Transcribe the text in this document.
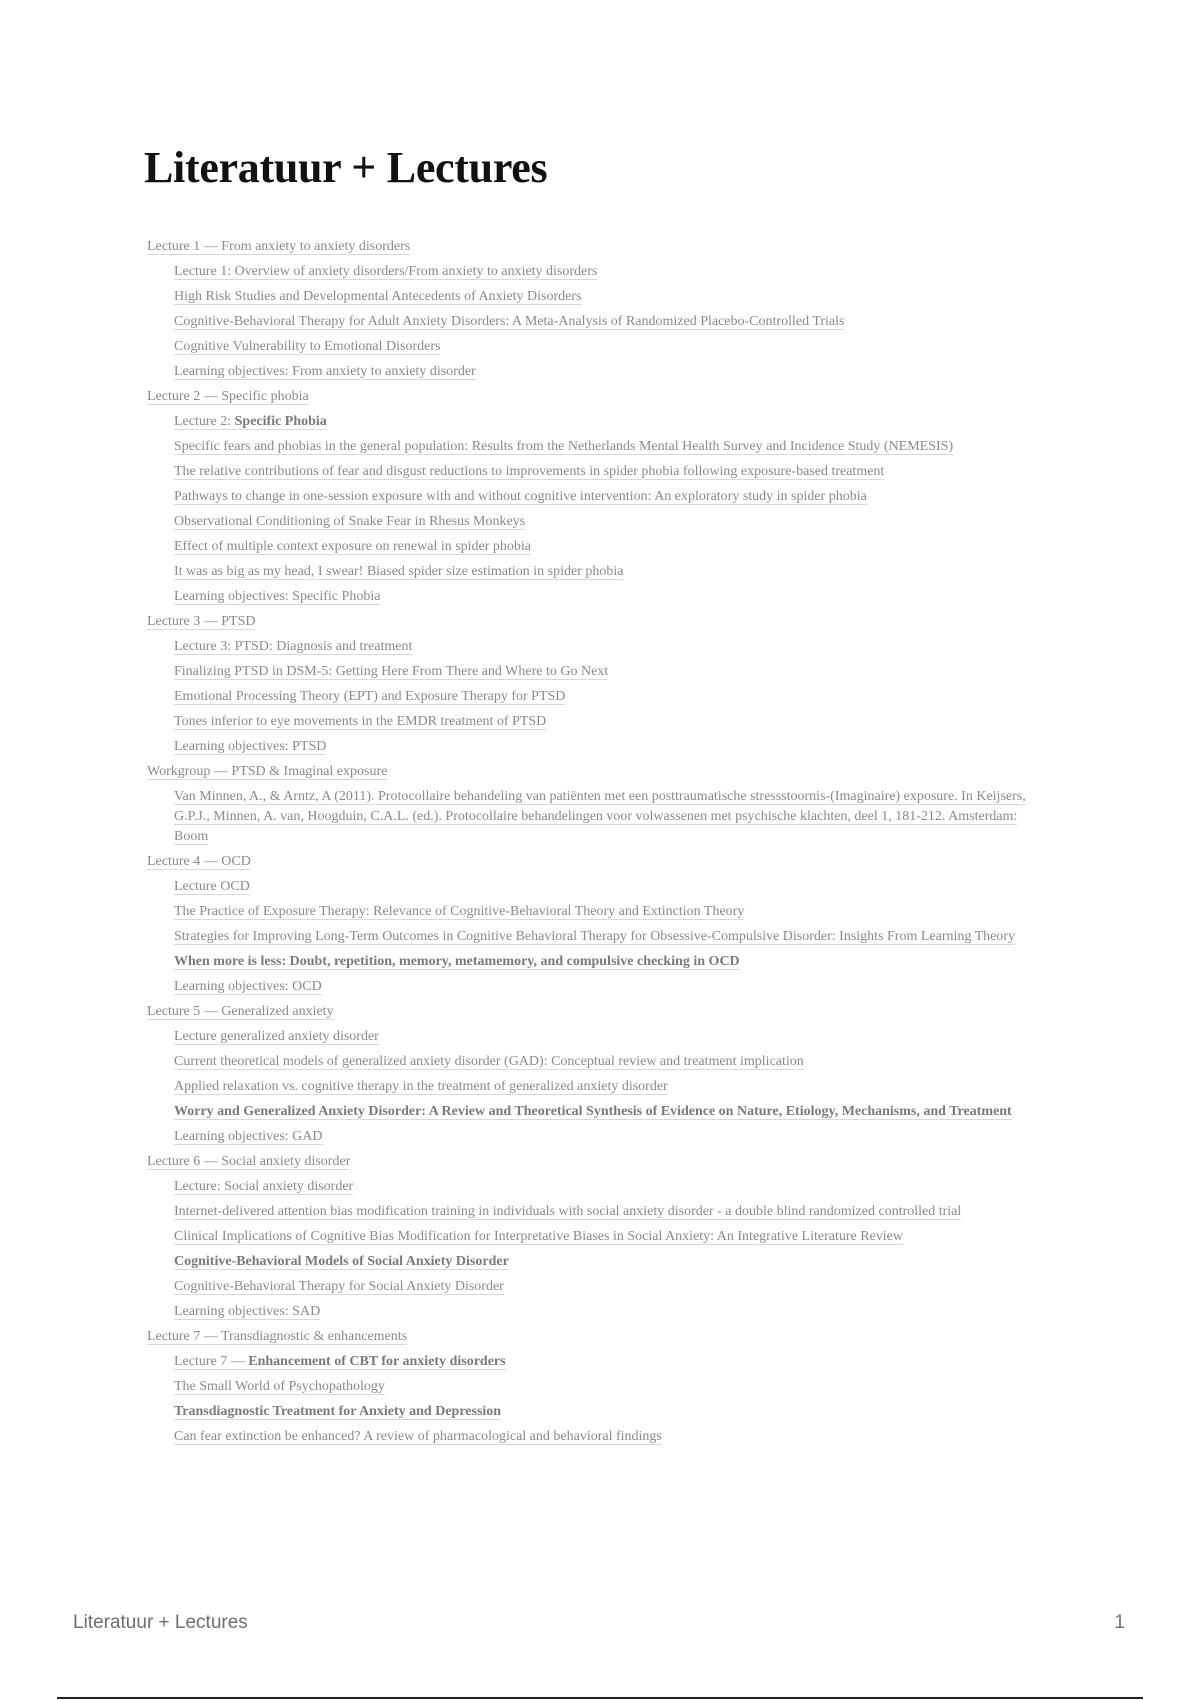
Literatuur + Lectures
Lecture 1 — From anxiety to anxiety disorders
Lecture 1: Overview of anxiety disorders/From anxiety to anxiety disorders
High Risk Studies and Developmental Antecedents of Anxiety Disorders
Cognitive-Behavioral Therapy for Adult Anxiety Disorders: A Meta-Analysis of Randomized Placebo-Controlled Trials
Cognitive Vulnerability to Emotional Disorders
Learning objectives: From anxiety to anxiety disorder
Lecture 2 — Specific phobia
Lecture 2: Specific Phobia
Specific fears and phobias in the general population: Results from the Netherlands Mental Health Survey and Incidence Study (NEMESIS)
The relative contributions of fear and disgust reductions to improvements in spider phobia following exposure-based treatment
Pathways to change in one-session exposure with and without cognitive intervention: An exploratory study in spider phobia
Observational Conditioning of Snake Fear in Rhesus Monkeys
Effect of multiple context exposure on renewal in spider phobia
It was as big as my head, I swear! Biased spider size estimation in spider phobia
Learning objectives: Specific Phobia
Lecture 3 — PTSD
Lecture 3: PTSD: Diagnosis and treatment
Finalizing PTSD in DSM-5: Getting Here From There and Where to Go Next
Emotional Processing Theory (EPT) and Exposure Therapy for PTSD
Tones inferior to eye movements in the EMDR treatment of PTSD
Learning objectives: PTSD
Workgroup — PTSD & Imaginal exposure
Van Minnen, A., & Arntz, A (2011). Protocollaire behandeling van patiënten met een posttraumatische stressstoornis-(Imaginaire) exposure. In Keijsers, G.P.J., Minnen, A. van, Hoogduin, C.A.L. (ed.). Protocollaire behandelingen voor volwassenen met psychische klachten, deel 1, 181-212. Amsterdam: Boom
Lecture 4 — OCD
Lecture OCD
The Practice of Exposure Therapy: Relevance of Cognitive-Behavioral Theory and Extinction Theory
Strategies for Improving Long-Term Outcomes in Cognitive Behavioral Therapy for Obsessive-Compulsive Disorder: Insights From Learning Theory
When more is less: Doubt, repetition, memory, metamemory, and compulsive checking in OCD
Learning objectives: OCD
Lecture 5 — Generalized anxiety
Lecture generalized anxiety disorder
Current theoretical models of generalized anxiety disorder (GAD): Conceptual review and treatment implication
Applied relaxation vs. cognitive therapy in the treatment of generalized anxiety disorder
Worry and Generalized Anxiety Disorder: A Review and Theoretical Synthesis of Evidence on Nature, Etiology, Mechanisms, and Treatment
Learning objectives: GAD
Lecture 6 — Social anxiety disorder
Lecture: Social anxiety disorder
Internet-delivered attention bias modification training in individuals with social anxiety disorder - a double blind randomized controlled trial
Clinical Implications of Cognitive Bias Modification for Interpretative Biases in Social Anxiety: An Integrative Literature Review
Cognitive-Behavioral Models of Social Anxiety Disorder
Cognitive-Behavioral Therapy for Social Anxiety Disorder
Learning objectives: SAD
Lecture 7 — Transdiagnostic & enhancements
Lecture 7 — Enhancement of CBT for anxiety disorders
The Small World of Psychopathology
Transdiagnostic Treatment for Anxiety and Depression
Can fear extinction be enhanced? A review of pharmacological and behavioral findings
Literatuur + Lectures	1
